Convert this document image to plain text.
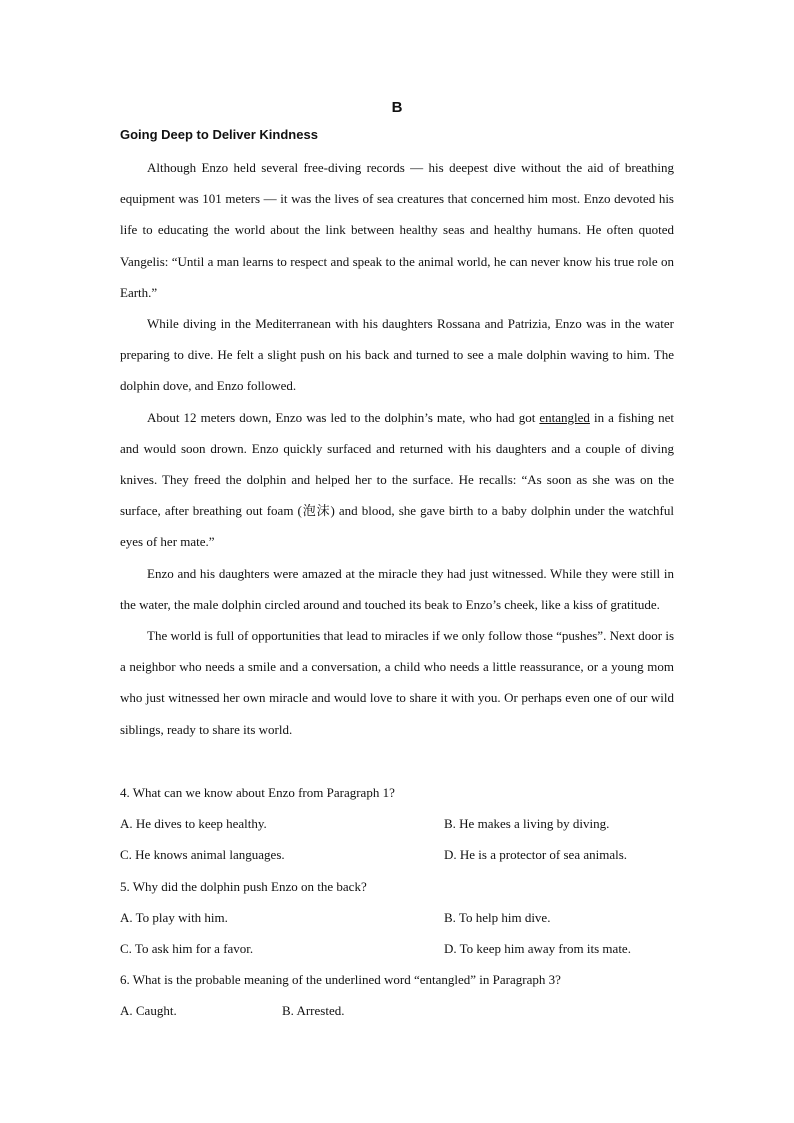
B
Going Deep to Deliver Kindness

Although Enzo held several free-diving records — his deepest dive without the aid of breathing equipment was 101 meters — it was the lives of sea creatures that concerned him most. Enzo devoted his life to educating the world about the link between healthy seas and healthy humans. He often quoted Vangelis: “Until a man learns to respect and speak to the animal world, he can never know his true role on Earth.”

While diving in the Mediterranean with his daughters Rossana and Patrizia, Enzo was in the water preparing to dive. He felt a slight push on his back and turned to see a male dolphin waving to him. The dolphin dove, and Enzo followed.

About 12 meters down, Enzo was led to the dolphin’s mate, who had got entangled in a fishing net and would soon drown. Enzo quickly surfaced and returned with his daughters and a couple of diving knives. They freed the dolphin and helped her to the surface. He recalls: “As soon as she was on the surface, after breathing out foam (泡沫) and blood, she gave birth to a baby dolphin under the watchful eyes of her mate.”

Enzo and his daughters were amazed at the miracle they had just witnessed. While they were still in the water, the male dolphin circled around and touched its beak to Enzo’s cheek, like a kiss of gratitude.

The world is full of opportunities that lead to miracles if we only follow those “pushes”. Next door is a neighbor who needs a smile and a conversation, a child who needs a little reassurance, or a young mom who just witnessed her own miracle and would love to share it with you. Or perhaps even one of our wild siblings, ready to share its world.

4. What can we know about Enzo from Paragraph 1?

A. He dives to keep healthy.	B. He makes a living by diving.
C. He knows animal languages.	D. He is a protector of sea animals.

5. Why did the dolphin push Enzo on the back?

A. To play with him.	B. To help him dive.
C. To ask him for a favor.	D. To keep him away from its mate.

6. What is the probable meaning of the underlined word “entangled” in Paragraph 3?

A. Caught.	B. Arrested.
